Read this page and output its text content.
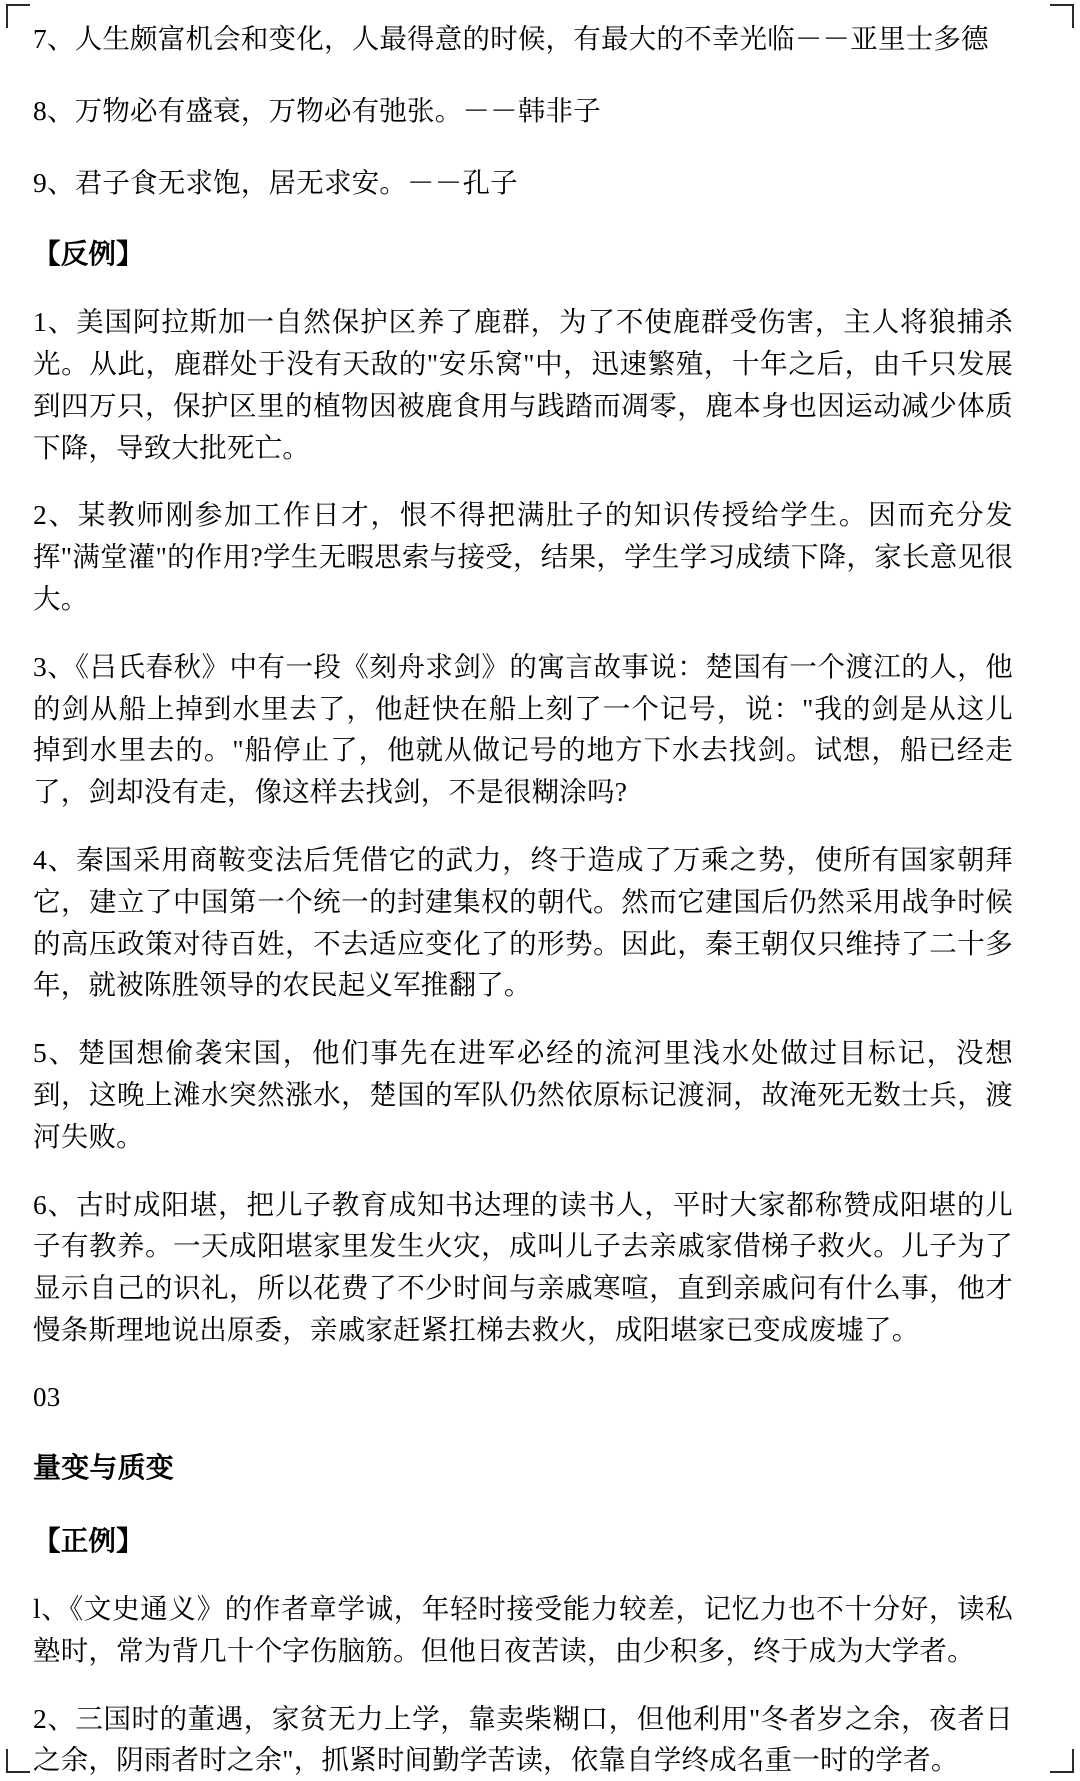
7、人生颇富机会和变化，人最得意的时候，有最大的不幸光临－－亚里士多德

8、万物必有盛衰，万物必有弛张。－－韩非子

9、君子食无求饱，居无求安。－－孔子

【反例】

1、美国阿拉斯加一自然保护区养了鹿群，为了不使鹿群受伤害，主人将狼捕杀光。从此，鹿群处于没有天敌的"安乐窝"中，迅速繁殖，十年之后，由千只发展到四万只，保护区里的植物因被鹿食用与践踏而凋零，鹿本身也因运动减少体质下降，导致大批死亡。

2、某教师刚参加工作日才，恨不得把满肚子的知识传授给学生。因而充分发挥"满堂灌"的作用?学生无暇思索与接受，结果，学生学习成绩下降，家长意见很大。

3、《吕氏春秋》中有一段《刻舟求剑》的寓言故事说：楚国有一个渡江的人，他的剑从船上掉到水里去了，他赶快在船上刻了一个记号，说："我的剑是从这儿掉到水里去的。"船停止了，他就从做记号的地方下水去找剑。试想，船已经走了，剑却没有走，像这样去找剑，不是很糊涂吗?

4、秦国采用商鞍变法后凭借它的武力，终于造成了万乘之势，使所有国家朝拜它，建立了中国第一个统一的封建集权的朝代。然而它建国后仍然采用战争时候的高压政策对待百姓，不去适应变化了的形势。因此，秦王朝仅只维持了二十多年，就被陈胜领导的农民起义军推翻了。

5、楚国想偷袭宋国，他们事先在进军必经的流河里浅水处做过目标记，没想到，这晚上滩水突然涨水，楚国的军队仍然依原标记渡洞，故淹死无数士兵，渡河失败。

6、古时成阳堪，把儿子教育成知书达理的读书人，平时大家都称赞成阳堪的儿子有教养。一天成阳堪家里发生火灾，成叫儿子去亲戚家借梯子救火。儿子为了显示自己的识礼，所以花费了不少时间与亲戚寒喧，直到亲戚问有什么事，他才慢条斯理地说出原委，亲戚家赶紧扛梯去救火，成阳堪家已变成废墟了。

03

量变与质变

【正例】

l、《文史通义》的作者章学诚，年轻时接受能力较差，记忆力也不十分好，读私塾时，常为背几十个字伤脑筋。但他日夜苦读，由少积多，终于成为大学者。

2、三国时的董遇，家贫无力上学，靠卖柴糊口，但他利用"冬者岁之余，夜者日之余，阴雨者时之余"，抓紧时间勤学苦读，依靠自学终成名重一时的学者。
